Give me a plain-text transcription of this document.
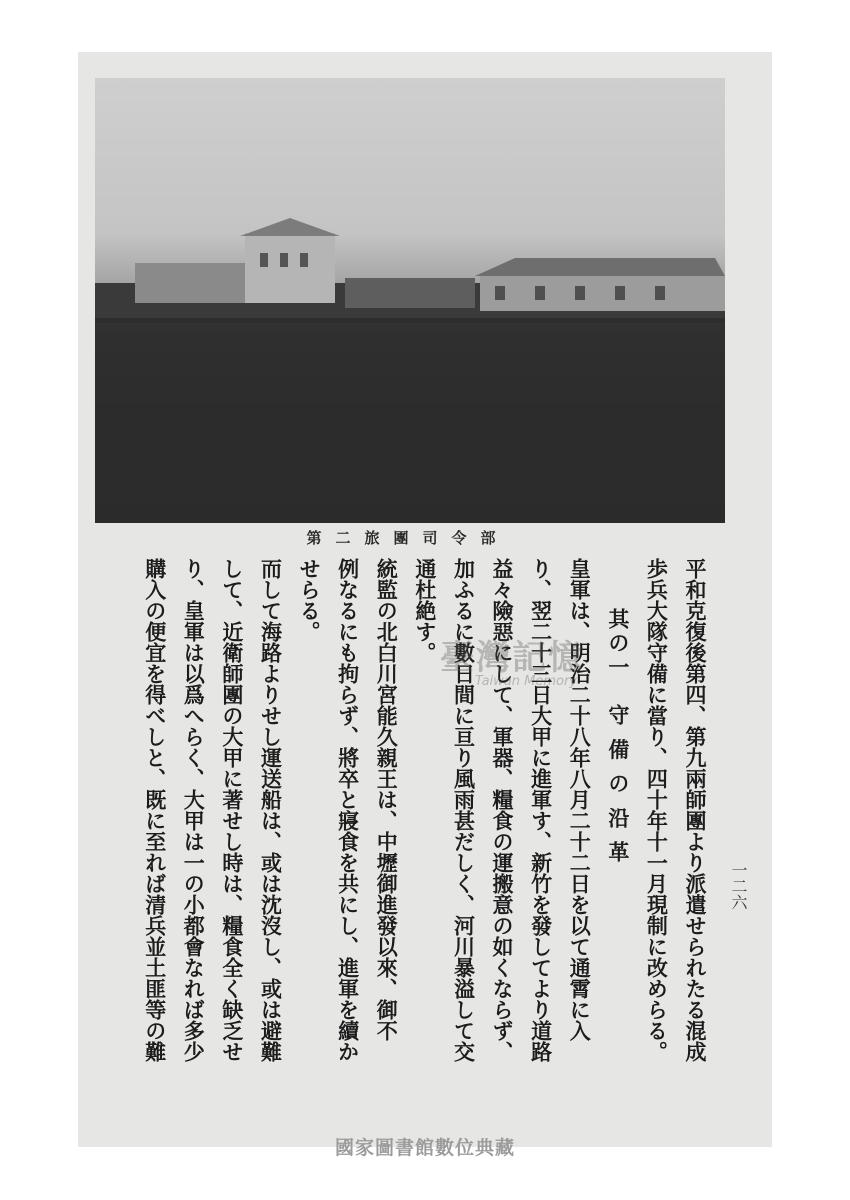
第二旅團司令部
一二六
平和克復後第四、第九兩師團より派遣せられたる混成
歩兵大隊守備に當り、四十年十一月現制に改めらる。
其の一　守 備 の 沿 革
皇軍は、明治二十八年八月二十二日を以て通霄に入
り、翌二十三日大甲に進軍す、新竹を發してより道路
益々險惡にして、軍器、糧食の運搬意の如くならず、
加ふるに數日間に亘り風雨甚だしく、河川暴溢して交
通杜絶す。
統監の北白川宮能久親王は、中壢御進發以來、御不
例なるにも拘らず、將卒と寢食を共にし、進軍を續か
せらる。
而して海路よりせし運送船は、或は沈沒し、或は避難
して、近衛師團の大甲に著せし時は、糧食全く缺乏せ
り、皇軍は以爲へらく、大甲は一の小都會なれば多少
購入の便宜を得べしと、既に至れば清兵並土匪等の難	臺灣記憶
Taiwan Memory
國家圖書館數位典藏
